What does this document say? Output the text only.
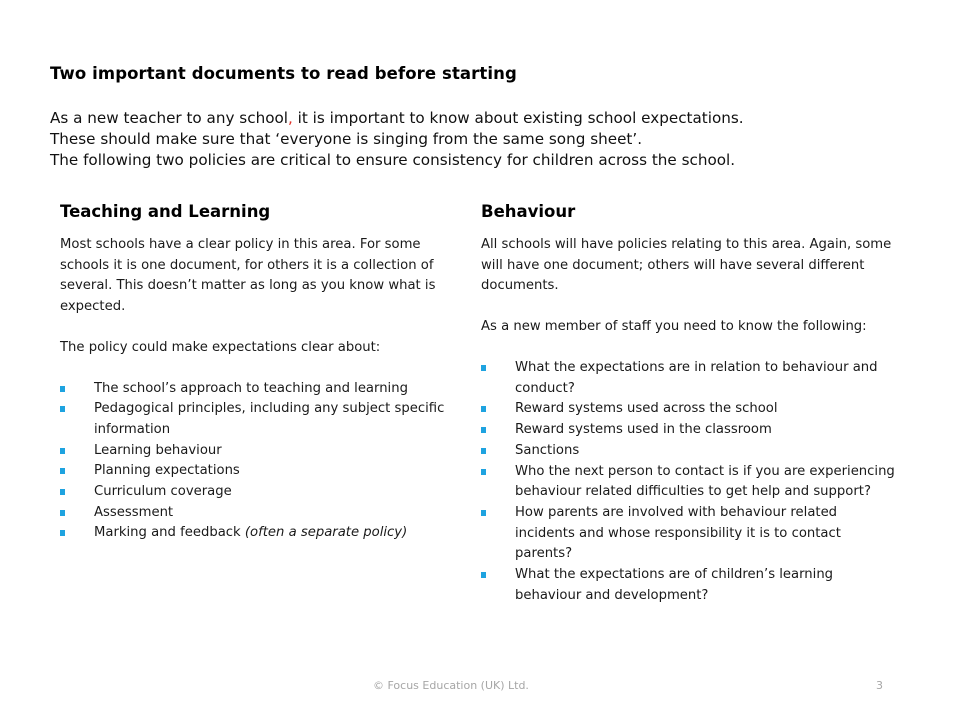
Two important documents to read before starting
As a new teacher to any school, it is important to know about existing school expectations.
These should make sure that ‘everyone is singing from the same song sheet’.
The following two policies are critical to ensure consistency for children across the school.
Teaching and Learning

Most schools have a clear policy in this area. For some schools it is one document, for others it is a collection of several. This doesn’t matter as long as you know what is expected.

The policy could make expectations clear about:

The school’s approach to teaching and learning
Pedagogical principles, including any subject specific information
Learning behaviour
Planning expectations
Curriculum coverage
Assessment
Marking and feedback (often a separate policy)
Behaviour

All schools will have policies relating to this area. Again, some will have one document; others will have several different documents.

As a new member of staff you need to know the following:

What the expectations are in relation to behaviour and conduct?
Reward systems used across the school
Reward systems used in the classroom
Sanctions
Who the next person to contact is if you are experiencing behaviour related difficulties to get help and support?
How parents are involved with behaviour related incidents and whose responsibility it is to contact parents?
What the expectations are of children’s learning behaviour and development?
© Focus Education (UK) Ltd.	3
